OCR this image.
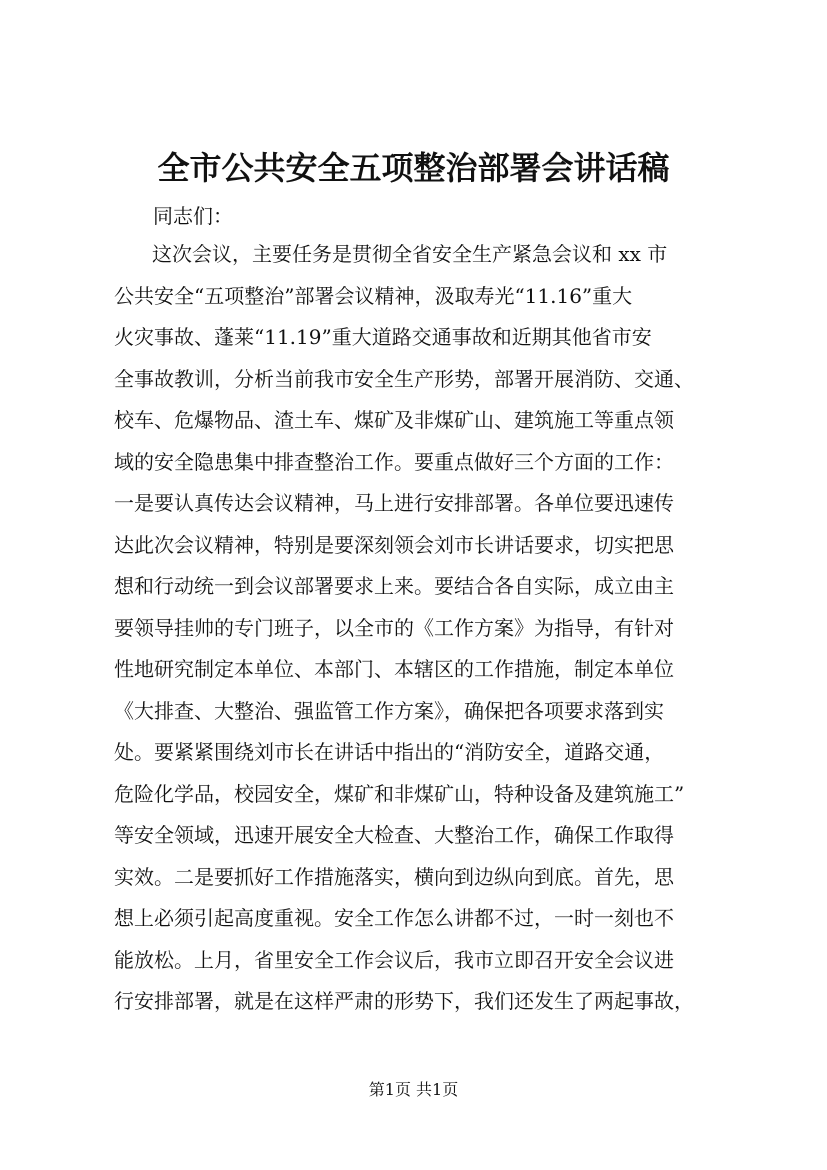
全市公共安全五项整治部署会讲话稿

同志们：

这次会议，主要任务是贯彻全省安全生产紧急会议和 xx 市
公共安全“五项整治”部署会议精神，汲取寿光“11.16”重大
火灾事故、蓬莱“11.19”重大道路交通事故和近期其他省市安
全事故教训，分析当前我市安全生产形势，部署开展消防、交通、
校车、危爆物品、渣土车、煤矿及非煤矿山、建筑施工等重点领
域的安全隐患集中排查整治工作。要重点做好三个方面的工作：
一是要认真传达会议精神，马上进行安排部署。各单位要迅速传
达此次会议精神，特别是要深刻领会刘市长讲话要求，切实把思
想和行动统一到会议部署要求上来。要结合各自实际，成立由主
要领导挂帅的专门班子，以全市的《工作方案》为指导，有针对
性地研究制定本单位、本部门、本辖区的工作措施，制定本单位
《大排查、大整治、强监管工作方案》，确保把各项要求落到实
处。要紧紧围绕刘市长在讲话中指出的“消防安全，道路交通，
危险化学品，校园安全，煤矿和非煤矿山，特种设备及建筑施工”
等安全领域，迅速开展安全大检查、大整治工作，确保工作取得
实效。二是要抓好工作措施落实，横向到边纵向到底。首先，思
想上必须引起高度重视。安全工作怎么讲都不过，一时一刻也不
能放松。上月，省里安全工作会议后，我市立即召开安全会议进
行安排部署，就是在这样严肃的形势下，我们还发生了两起事故，

第1页 共1页
